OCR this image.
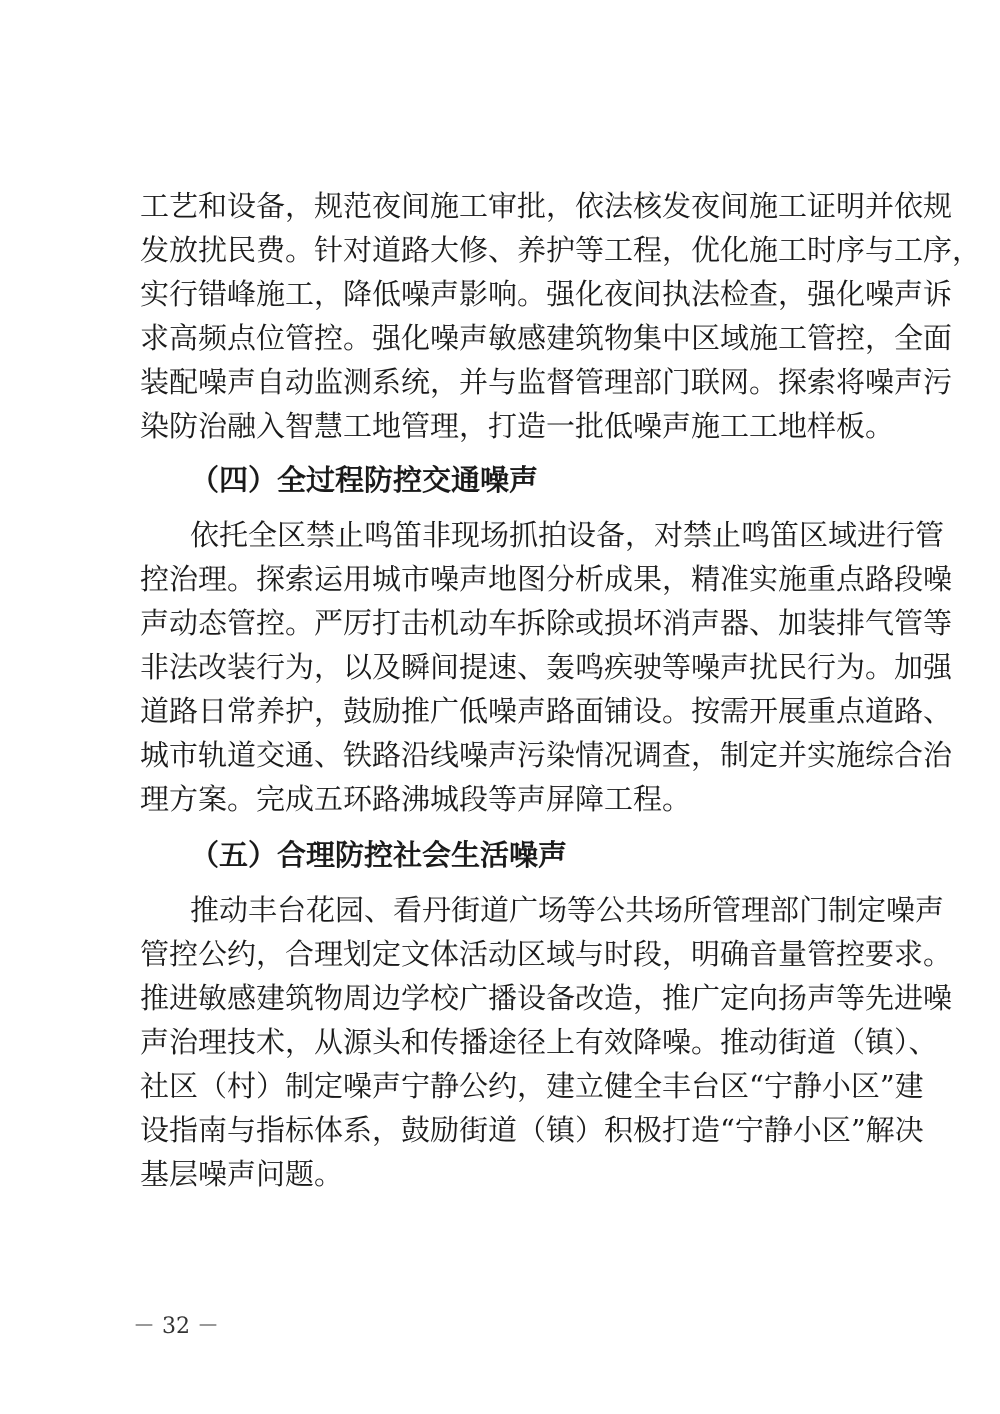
工艺和设备，规范夜间施工审批，依法核发夜间施工证明并依规
发放扰民费。针对道路大修、养护等工程，优化施工时序与工序，
实行错峰施工，降低噪声影响。强化夜间执法检查，强化噪声诉
求高频点位管控。强化噪声敏感建筑物集中区域施工管控，全面
装配噪声自动监测系统，并与监督管理部门联网。探索将噪声污
染防治融入智慧工地管理，打造一批低噪声施工工地样板。
（四）全过程防控交通噪声
依托全区禁止鸣笛非现场抓拍设备，对禁止鸣笛区域进行管
控治理。探索运用城市噪声地图分析成果，精准实施重点路段噪
声动态管控。严厉打击机动车拆除或损坏消声器、加装排气管等
非法改装行为，以及瞬间提速、轰鸣疾驶等噪声扰民行为。加强
道路日常养护，鼓励推广低噪声路面铺设。按需开展重点道路、
城市轨道交通、铁路沿线噪声污染情况调查，制定并实施综合治
理方案。完成五环路沸城段等声屏障工程。
（五）合理防控社会生活噪声
推动丰台花园、看丹街道广场等公共场所管理部门制定噪声
管控公约，合理划定文体活动区域与时段，明确音量管控要求。
推进敏感建筑物周边学校广播设备改造，推广定向扬声等先进噪
声治理技术，从源头和传播途径上有效降噪。推动街道（镇）、
社区（村）制定噪声宁静公约，建立健全丰台区“宁静小区”建
设指南与指标体系，鼓励街道（镇）积极打造“宁静小区”解决
基层噪声问题。
－ 32 －
